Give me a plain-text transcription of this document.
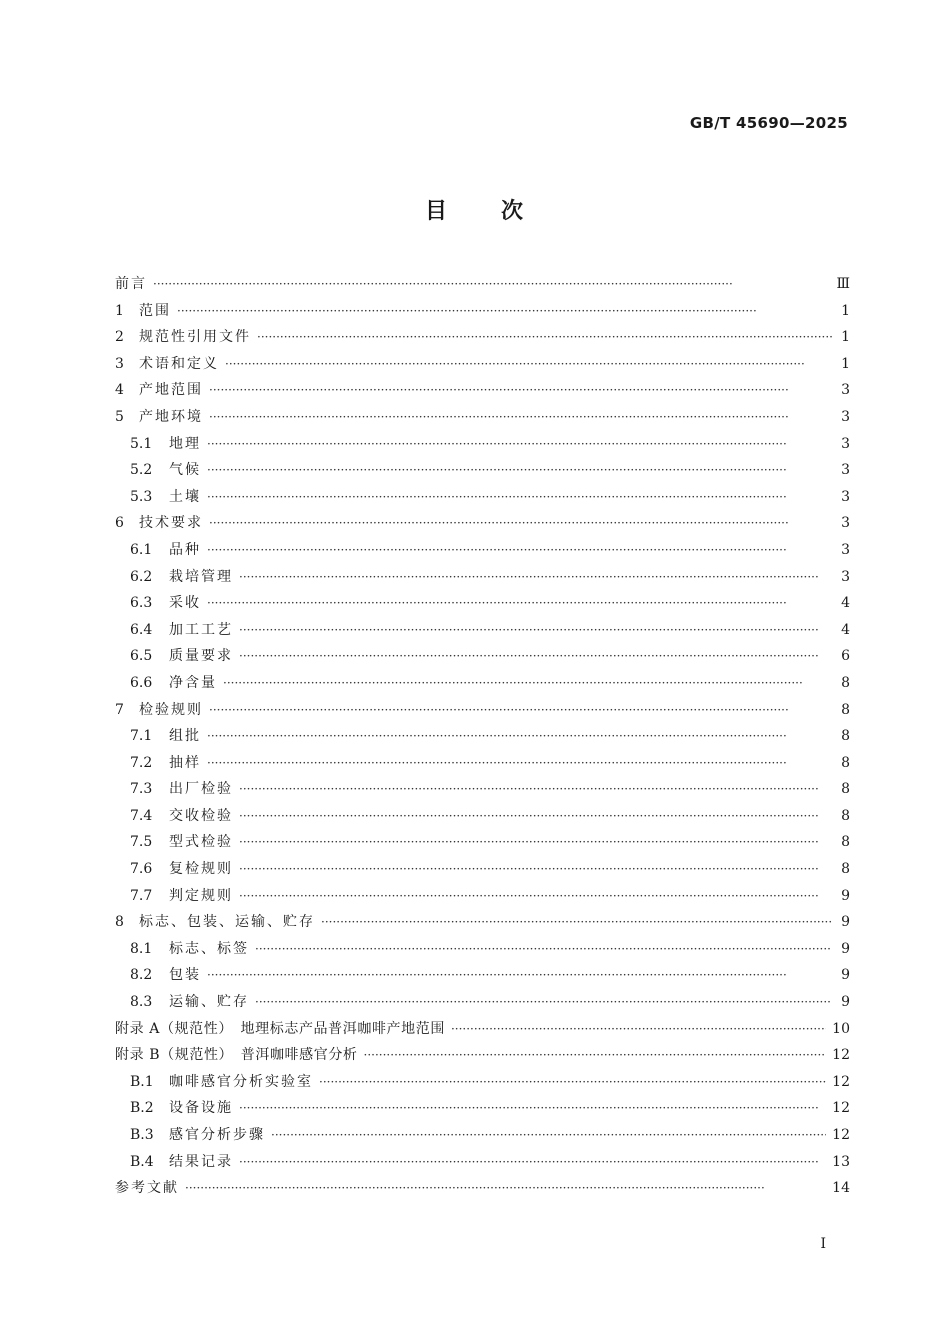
GB/T 45690—2025
目 次
前言 ·····	Ⅲ
1	范围 ·····	1
2	规范性引用文件 ·····	1
3	术语和定义 ·····	1
4	产地范围 ·····	3
5	产地环境 ·····	3
5.1	地理 ·····	3
5.2	气候 ·····	3
5.3	土壤 ·····	3
6	技术要求 ·····	3
6.1	品种 ·····	3
6.2	栽培管理 ·····	3
6.3	采收 ·····	4
6.4	加工工艺 ·····	4
6.5	质量要求 ·····	6
6.6	净含量 ·····	8
7	检验规则 ·····	8
7.1	组批 ·····	8
7.2	抽样 ·····	8
7.3	出厂检验 ·····	8
7.4	交收检验 ·····	8
7.5	型式检验 ·····	8
7.6	复检规则 ·····	8
7.7	判定规则 ·····	9
8	标志、包装、运输、贮存 ·····	9
8.1	标志、标签 ·····	9
8.2	包装 ·····	9
8.3	运输、贮存 ·····	9
附录 A（规范性）　地理标志产品普洱咖啡产地范围 ·····	10
附录 B（规范性）　普洱咖啡感官分析 ·····	12
B.1	咖啡感官分析实验室 ·····	12
B.2	设备设施 ·····	12
B.3	感官分析步骤 ·····	12
B.4	结果记录 ·····	13
参考文献 ·····	14
I
